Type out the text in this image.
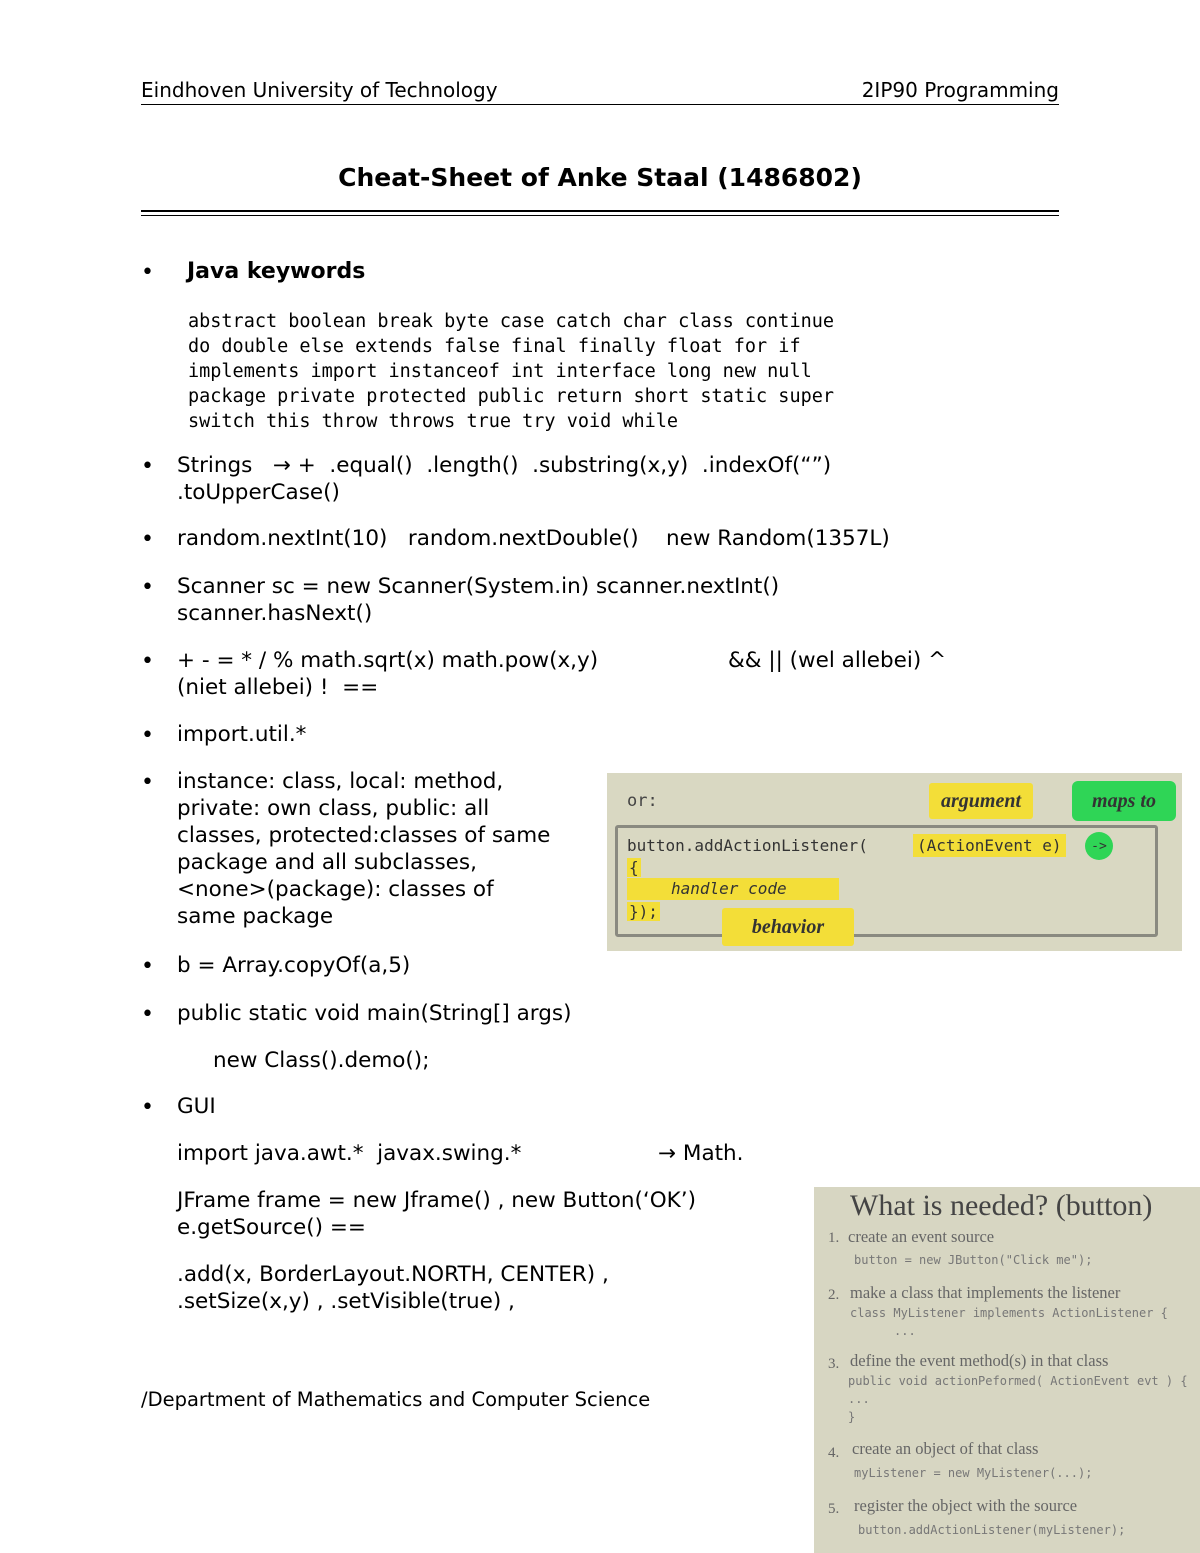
Eindhoven University of Technology	2IP90 Programming
Cheat-Sheet of Anke Staal (1486802)
• Java keywords
abstract boolean break byte case catch char class continue
do double else extends false final finally float for if
implements import instanceof int interface long new null
package private protected public return short static super
switch this throw throws true try void while
• Strings   → +  .equal()  .length()  .substring(x,y)  .indexOf(“”)
.toUpperCase()
• random.nextInt(10)   random.nextDouble()    new Random(1357L)
• Scanner sc = new Scanner(System.in) scanner.nextInt()
scanner.hasNext()
• + - = * / % math.sqrt(x) math.pow(x,y)                   && || (wel allebei) ^
(niet allebei) !  ==
• import.util.*
• instance: class, local: method,
private: own class, public: all
classes, protected:classes of same
package and all subclasses,
<none>(package): classes of
same package
• b = Array.copyOf(a,5)
• public static void main(String[] args)
new Class().demo();
• GUI
import java.awt.*  javax.swing.*                    → Math.
JFrame frame = new Jframe() , new Button(‘OK’)
e.getSource() ==
.add(x, BorderLayout.NORTH, CENTER) ,
.setSize(x,y) , .setVisible(true) ,
/Department of Mathematics and Computer Science
or:	argument	maps to
button.addActionListener(	(ActionEvent e)	->
{
handler code
});
behavior
What is needed? (button)
1. create an event source
button = new JButton("Click me");
2. make a class that implements the listener
class MyListener implements ActionListener {
...
3. define the event method(s) in that class
public void actionPeformed( ActionEvent evt ) {
...
}
4. create an object of that class
myListener = new MyListener(...);
5. register the object with the source
button.addActionListener(myListener);
